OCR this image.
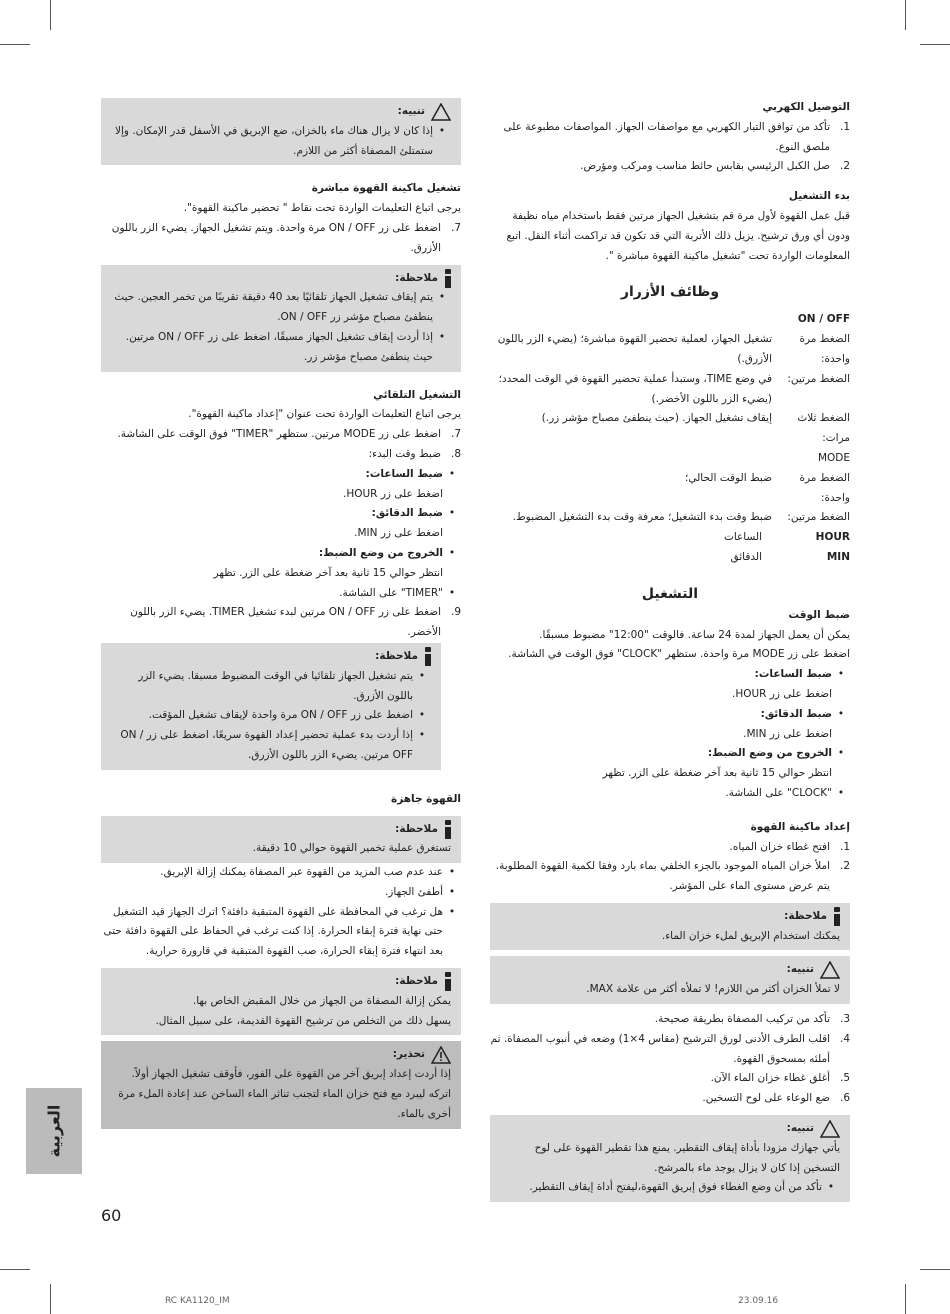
التوصيل الكهربي

1.
تأكد من توافق التيار الكهربي مع مواصفات الجهاز. المواصفات مطبوعة على ملصق النوع.
2.
صل الكبل الرئيسي بقابس حائط مناسب ومركب ومؤرض.

بدء التشغيل

قبل عمل القهوة لأول مرة قم بتشغيل الجهاز مرتين فقط باستخدام مياه نظيفة ودون أي ورق ترشيح. يزيل ذلك الأتربة التي قد تكون قد تراكمت أثناء النقل. اتبع المعلومات الواردة تحت "تشغيل ماكينة القهوة مباشرة ".

وظائف الأزرار

ON / OFF

الضغط مرة واحدة:
تشغيل الجهاز، لعملية تحضير القهوة مباشرة؛ (يضيء الزر باللون الأزرق.)
الضغط مرتين:
في وضع TIME، وستبدأ عملية تحضير القهوة في الوقت المحدد؛ (يضيء الزر باللون الأخضر.)
الضغط ثلاث مرات:
إيقاف تشغيل الجهاز. (حيث ينطفئ مصباح مؤشر زر.)

MODE

الضغط مرة واحدة:
ضبط الوقت الحالي؛
الضغط مرتين:
ضبط وقت بدء التشغيل؛ معرفة وقت بدء التشغيل المضبوط.
HOUR
الساعات
MIN
الدقائق

التشغيل

ضبط الوقت

يمكن أن يعمل الجهاز لمدة 24 ساعة. فالوقت "12:00" مضبوط مسبقًا.

اضغط على زر MODE مرة واحدة. ستظهر "CLOCK" فوق الوقت في الشاشة.

•
ضبط الساعات:

اضغط على زر HOUR.

•
ضبط الدقائق:

اضغط على زر MIN.

•
الخروج من وضع الضبط:

انتظر حوالي 15 ثانية بعد آخر ضغطة على الزر. تظهر

•
"CLOCK" على الشاشة.

إعداد ماكينة القهوة

1.
افتح غطاء خزان المياه.
2.
املأ خزان المياه الموجود بالجزء الخلفي بماء بارد وفقا لكمية القهوة المطلوبة. يتم عرض مستوى الماء على المؤشر.
ملاحظة:

يمكنك استخدام الإبريق لملء خزان الماء.

تنبيه:

لا تملأ الخزان أكثر من اللازم! لا تملأه أكثر من علامة MAX.

3.
تأكد من تركيب المصفاة بطريقة صحيحة.
4.
اقلب الطرف الأدنى لورق الترشيح (مقاس 4×1) وضعه في أنبوب المصفاة. ثم أملئه بمسحوق القهوة.
5.
أغلق غطاء خزان الماء الآن.
6.
ضع الوعاء على لوح التسخين.
تنبيه:

يأتي جهازك مزودا بأداة إيقاف التقطير. يمنع هذا تقطير القهوة على لوح التسخين إذا كان لا يزال يوجد ماء بالمرشح.

•
تأكد من أن وضع الغطاء فوق إبريق القهوة،ليفتح أداة إيقاف التقطير.
تنبيه:
•
إذا كان لا يزال هناك ماء بالخزان، ضع الإبريق في الأسفل قدر الإمكان. وإلا ستمتلئ المصفاة أكثر من اللازم.

تشغيل ماكينة القهوة مباشرة

يرجى اتباع التعليمات الواردة تحت نقاط " تحضير ماكينة القهوة".

7.
اضغط على زر ON / OFF مرة واحدة. ويتم تشغيل الجهاز. يضيء الزر باللون الأزرق.
ملاحظة:
•
يتم إيقاف تشغيل الجهاز تلقائيًا بعد 40 دقيقة تقريبًا من تخمر العجين. حيث ينطفئ مصباح مؤشر زر ON / OFF.
•
إذا أردت إيقاف تشغيل الجهاز مسبقًا، اضغط على زر ON / OFF مرتين. حيث ينطفئ مصباح مؤشر زر.

التشغيل التلقائي

يرجى اتباع التعليمات الواردة تحت عنوان "إعداد ماكينة القهوة".

7.
اضغط على زر MODE مرتين. ستظهر "TIMER" فوق الوقت على الشاشة.
8.
ضبط وقت البدء:
•
ضبط الساعات:

اضغط على زر HOUR.

•
ضبط الدقائق:

اضغط على زر MIN.

•
الخروج من وضع الضبط:

انتظر حوالي 15 ثانية بعد آخر ضغطة على الزر. تظهر

•
"TIMER" على الشاشة.
9.
اضغط على زر ON / OFF مرتين لبدء تشغيل TIMER. يضيء الزر باللون الأخضر.
ملاحظة:
•
يتم تشغيل الجهاز تلقائيا في الوقت المضبوط مسبقا. يضيء الزر باللون الأزرق.
•
اضغط على زر ON / OFF مرة واحدة لإيقاف تشغيل المؤقت.
•
إذا أردت بدء عملية تحضير إعداد القهوة سريعًا، اضغط على زر ON / OFF مرتين. يضيء الزر باللون الأزرق.

القهوة جاهزة

ملاحظة:

تستغرق عملية تخمير القهوة حوالي 10 دقيقة.

•
عند عدم صب المزيد من القهوة عبر المصفاة يمكنك إزالة الإبريق.
•
أطفئ الجهاز.
•
هل ترغب في المحافظة على القهوة المتبقية دافئة؟ اترك الجهاز قيد التشغيل حتى نهاية فترة إبقاء الحرارة. إذا كنت ترغب في الحفاظ على القهوة دافئة حتى بعد انتهاء فترة إبقاء الحرارة، صب القهوة المتبقية في قارورة حرارية.
ملاحظة:

يمكن إزالة المصفاة من الجهاز من خلال المقبض الخاص بها.

يسهل ذلك من التخلص من ترشيح القهوة القديمة، على سبيل المثال.

تحذير:

إذا أردت إعداد إبريق آخر من القهوة على الفور، فأوقف تشغيل الجهاز أولاً. اتركه ليبرد مع فتح خزان الماء لتجنب تناثر الماء الساخن عند إعادة الملء مرة أخرى بالماء.

العربية
60
RC KA1120_IM	23.09.16
